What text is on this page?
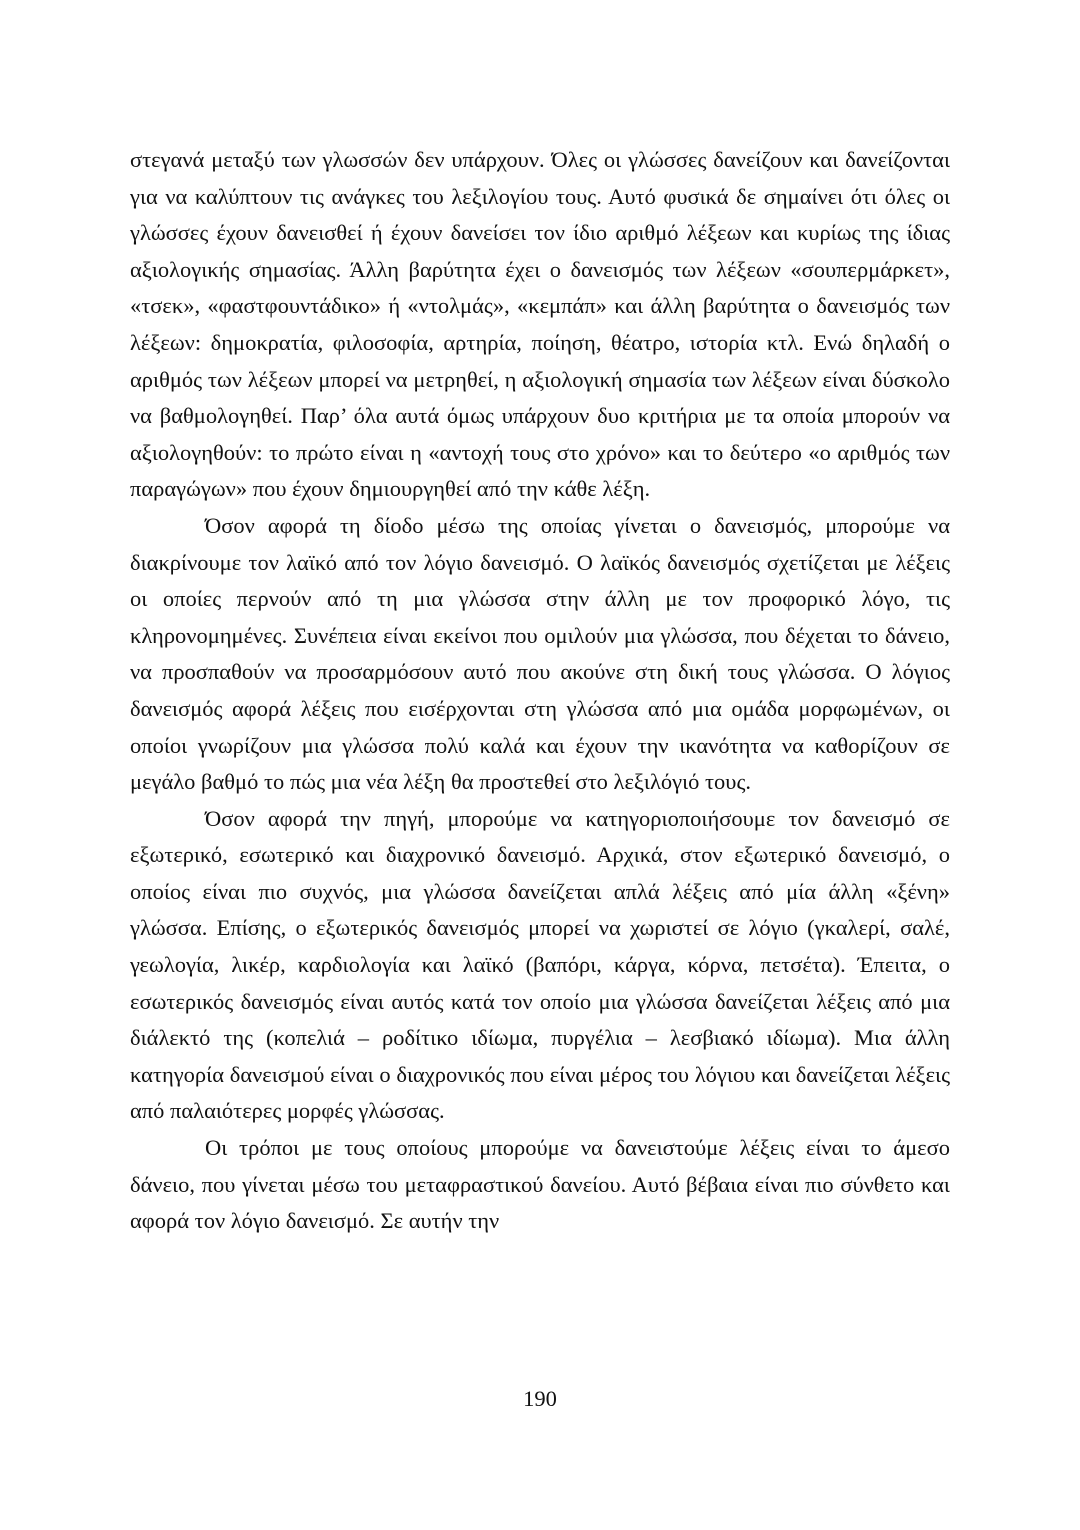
στεγανά μεταξύ των γλωσσών δεν υπάρχουν. Όλες οι γλώσσες δανείζουν και δανείζονται για να καλύπτουν τις ανάγκες του λεξιλογίου τους. Αυτό φυσικά δε σημαίνει ότι όλες οι γλώσσες έχουν δανεισθεί ή έχουν δανείσει τον ίδιο αριθμό λέξεων και κυρίως της ίδιας αξιολογικής σημασίας. Άλλη βαρύτητα έχει ο δανεισμός των λέξεων «σουπερμάρκετ», «τσεκ», «φαστφουντάδικο» ή «ντολμάς», «κεμπάπ» και άλλη βαρύτητα ο δανεισμός των λέξεων: δημοκρατία, φιλοσοφία, αρτηρία, ποίηση, θέατρο, ιστορία κτλ. Ενώ δηλαδή ο αριθμός των λέξεων μπορεί να μετρηθεί, η αξιολογική σημασία των λέξεων είναι δύσκολο να βαθμολογηθεί. Παρ’ όλα αυτά όμως υπάρχουν δυο κριτήρια με τα οποία μπορούν να αξιολογηθούν: το πρώτο είναι η «αντοχή τους στο χρόνο» και το δεύτερο «ο αριθμός των παραγώγων» που έχουν δημιουργηθεί από την κάθε λέξη.

Όσον αφορά τη δίοδο μέσω της οποίας γίνεται ο δανεισμός, μπορούμε να διακρίνουμε τον λαϊκό από τον λόγιο δανεισμό. Ο λαϊκός δανεισμός σχετίζεται με λέξεις οι οποίες περνούν από τη μια γλώσσα στην άλλη με τον προφορικό λόγο, τις κληρονομημένες. Συνέπεια είναι εκείνοι που ομιλούν μια γλώσσα, που δέχεται το δάνειο, να προσπαθούν να προσαρμόσουν αυτό που ακούνε στη δική τους γλώσσα. Ο λόγιος δανεισμός αφορά λέξεις που εισέρχονται στη γλώσσα από μια ομάδα μορφωμένων, οι οποίοι γνωρίζουν μια γλώσσα πολύ καλά και έχουν την ικανότητα να καθορίζουν σε μεγάλο βαθμό το πώς μια νέα λέξη θα προστεθεί στο λεξιλόγιό τους.

Όσον αφορά την πηγή, μπορούμε να κατηγοριοποιήσουμε τον δανεισμό σε εξωτερικό, εσωτερικό και διαχρονικό δανεισμό. Αρχικά, στον εξωτερικό δανεισμό, ο οποίος είναι πιο συχνός, μια γλώσσα δανείζεται απλά λέξεις από μία άλλη «ξένη» γλώσσα. Επίσης, ο εξωτερικός δανεισμός μπορεί να χωριστεί σε λόγιο (γκαλερί, σαλέ, γεωλογία, λικέρ, καρδιολογία και λαϊκό (βαπόρι, κάργα, κόρνα, πετσέτα). Έπειτα, ο εσωτερικός δανεισμός είναι αυτός κατά τον οποίο μια γλώσσα δανείζεται λέξεις από μια διάλεκτό της (κοπελιά – ροδίτικο ιδίωμα, πυργέλια – λεσβιακό ιδίωμα). Μια άλλη κατηγορία δανεισμού είναι ο διαχρονικός που είναι μέρος του λόγιου και δανείζεται λέξεις από παλαιότερες μορφές γλώσσας.

Οι τρόποι με τους οποίους μπορούμε να δανειστούμε λέξεις είναι το άμεσο δάνειο, που γίνεται μέσω του μεταφραστικού δανείου. Αυτό βέβαια είναι πιο σύνθετο και αφορά τον λόγιο δανεισμό. Σε αυτήν την

190
